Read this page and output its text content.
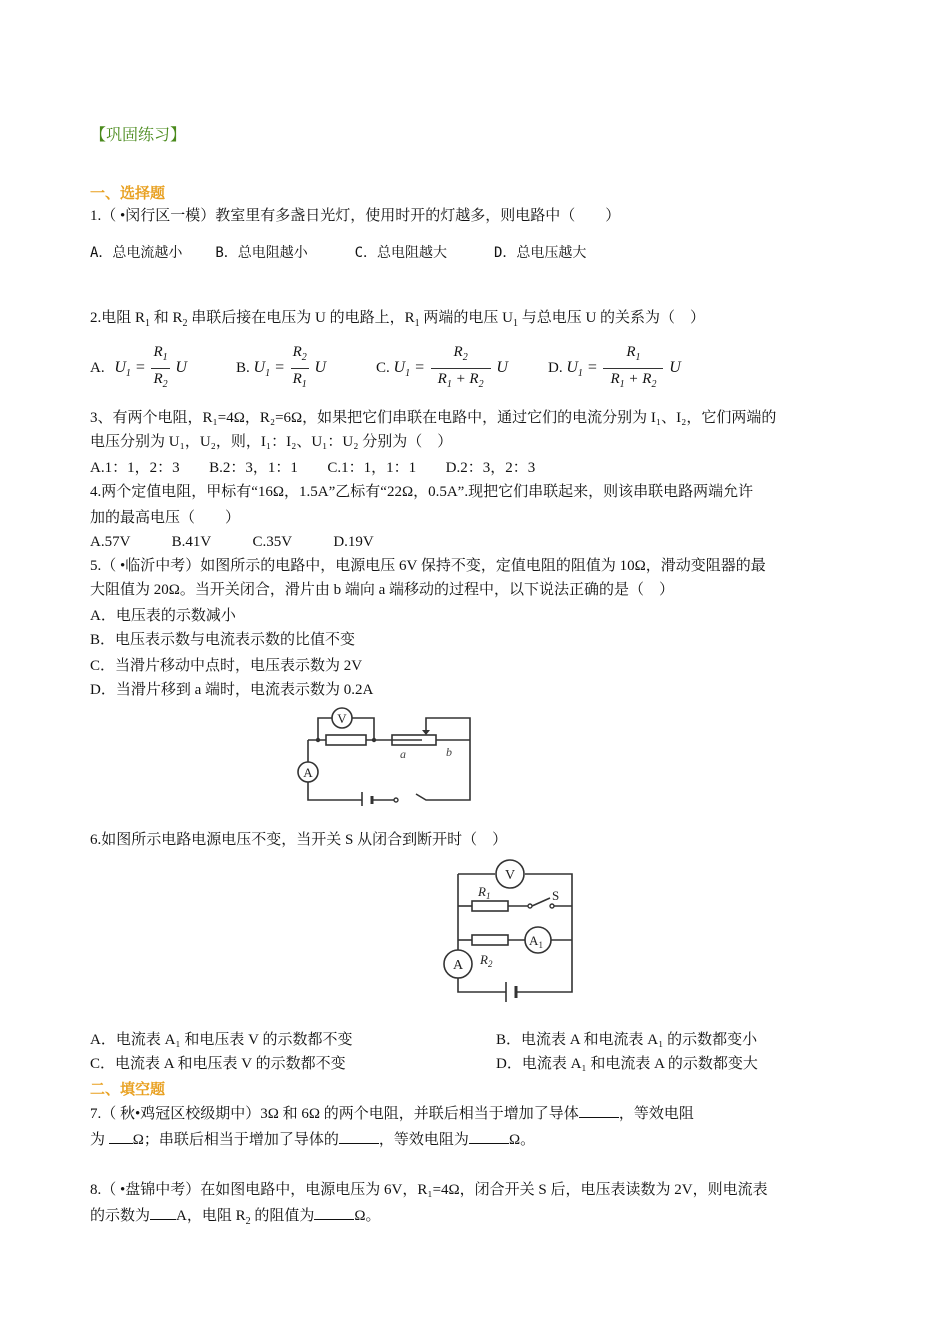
【巩固练习】
一、选择题
1.（ •闵行区一模）教室里有多盏日光灯，使用时开的灯越多，则电路中（　　）
A．总电流越小 B．总电阻越小	C．总电阻越大	D．总电压越大
2.电阻 $R_1$ 和 $R_2$ 串联后接在电压为 U 的电路上，$R_1$ 两端的电压 $U_1$ 与总电压 U 的关系为（　）
A. $U_1 = \frac{R_1}{R_2}$ U	B. $U_1 = \frac{R_2}{R_1}$ U	C. $U_1 = \frac{R_2}{R_1 + R_2}$ U	D. $U_1 = \frac{R_1}{R_1 + R_2}$ U
3、有两个电阻，R₁=4Ω，R₂=6Ω，如果把它们串联在电路中，通过它们的电流分别为 I₁、I₂，它们两端的
电压分别为 U₁，U₂，则，I₁：I₂、U₁：U₂ 分别为（　）
A.1：1，2：3 B.2：3，1：1 C.1：1，1：1 D.2：3，2：3
4.两个定值电阻，甲标有“16Ω，1.5A”乙标有“22Ω，0.5A”.现把它们串联起来，则该串联电路两端允许
加的最高电压（　　）
A.57V	B.41V	C.35V	D.19V
5.（ •临沂中考）如图所示的电路中，电源电压 6V 保持不变，定值电阻的阻值为 10Ω，滑动变阻器的最
大阻值为 20Ω。当开关闭合，滑片由 b 端向 a 端移动的过程中，以下说法正确的是（　）
A．电压表的示数减小
B．电压表示数与电流表示数的比值不变
C．当滑片移动中点时，电压表示数为 2V
D．当滑片移到 a 端时，电流表示数为 0.2A
V
A
a	b
6.如图所示电路电源电压不变，当开关 S 从闭合到断开时（　）
V
$R_1$	S
$A_1$
$R_2$
A
A．电流表 A₁ 和电压表 V 的示数都不变	B．电流表 A 和电流表 A₁ 的示数都变小
C．电流表 A 和电压表 V 的示数都不变	D．电流表 A₁ 和电流表 A 的示数都变大
二、填空题
7.（ 秋•鸡冠区校级期中）3Ω 和 6Ω 的两个电阻，并联后相当于增加了导体	，等效电阻
为 Ω；串联后相当于增加了导体的	，等效电阻为	Ω。
8.（ •盘锦中考）在如图电路中，电源电压为 6V，R₁=4Ω，闭合开关 S 后，电压表读数为 2V，则电流表
的示数为 A，电阻 $R_2$ 的阻值为	Ω。
